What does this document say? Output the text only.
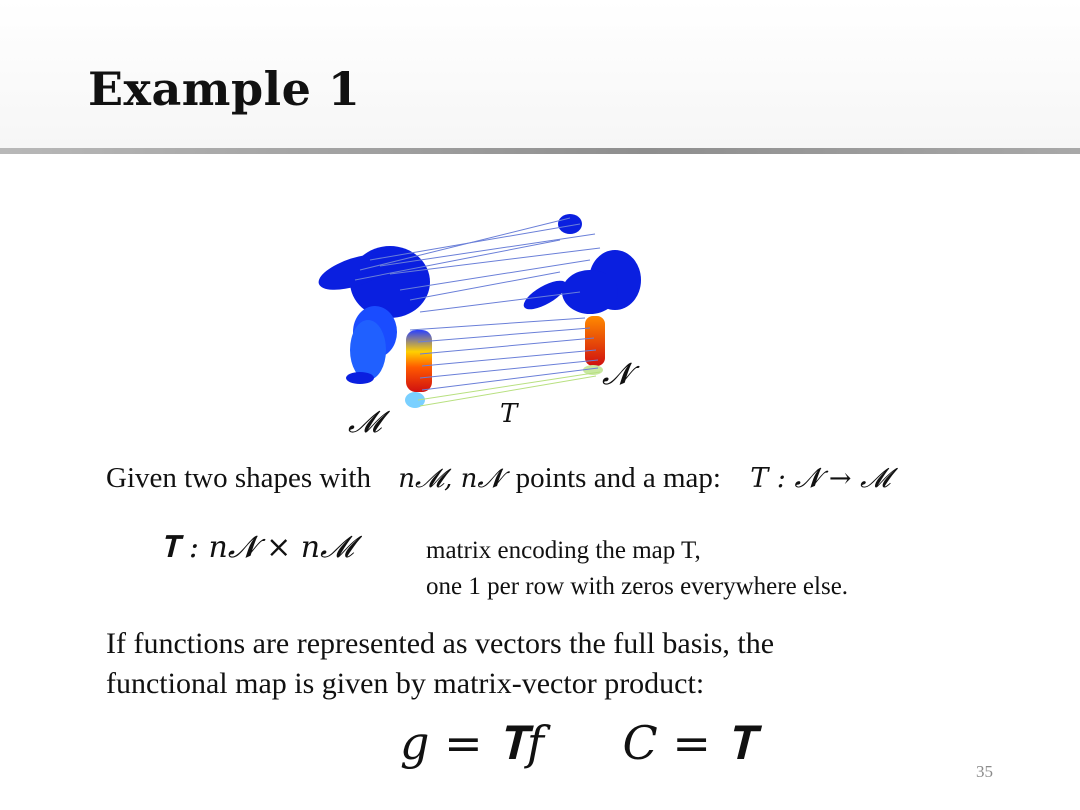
Example 1
𝓜	T
𝓝
Given two shapes with n𝓜, n𝓝 points and a map: T : 𝓝 → 𝓜
𝐓 : n𝓝 × n𝓜	matrix encoding the map T,
one 1 per row with zeros everywhere else.
If functions are represented as vectors the full basis, the
functional map is given by matrix-vector product:
g = 𝐓f C = 𝐓
35
